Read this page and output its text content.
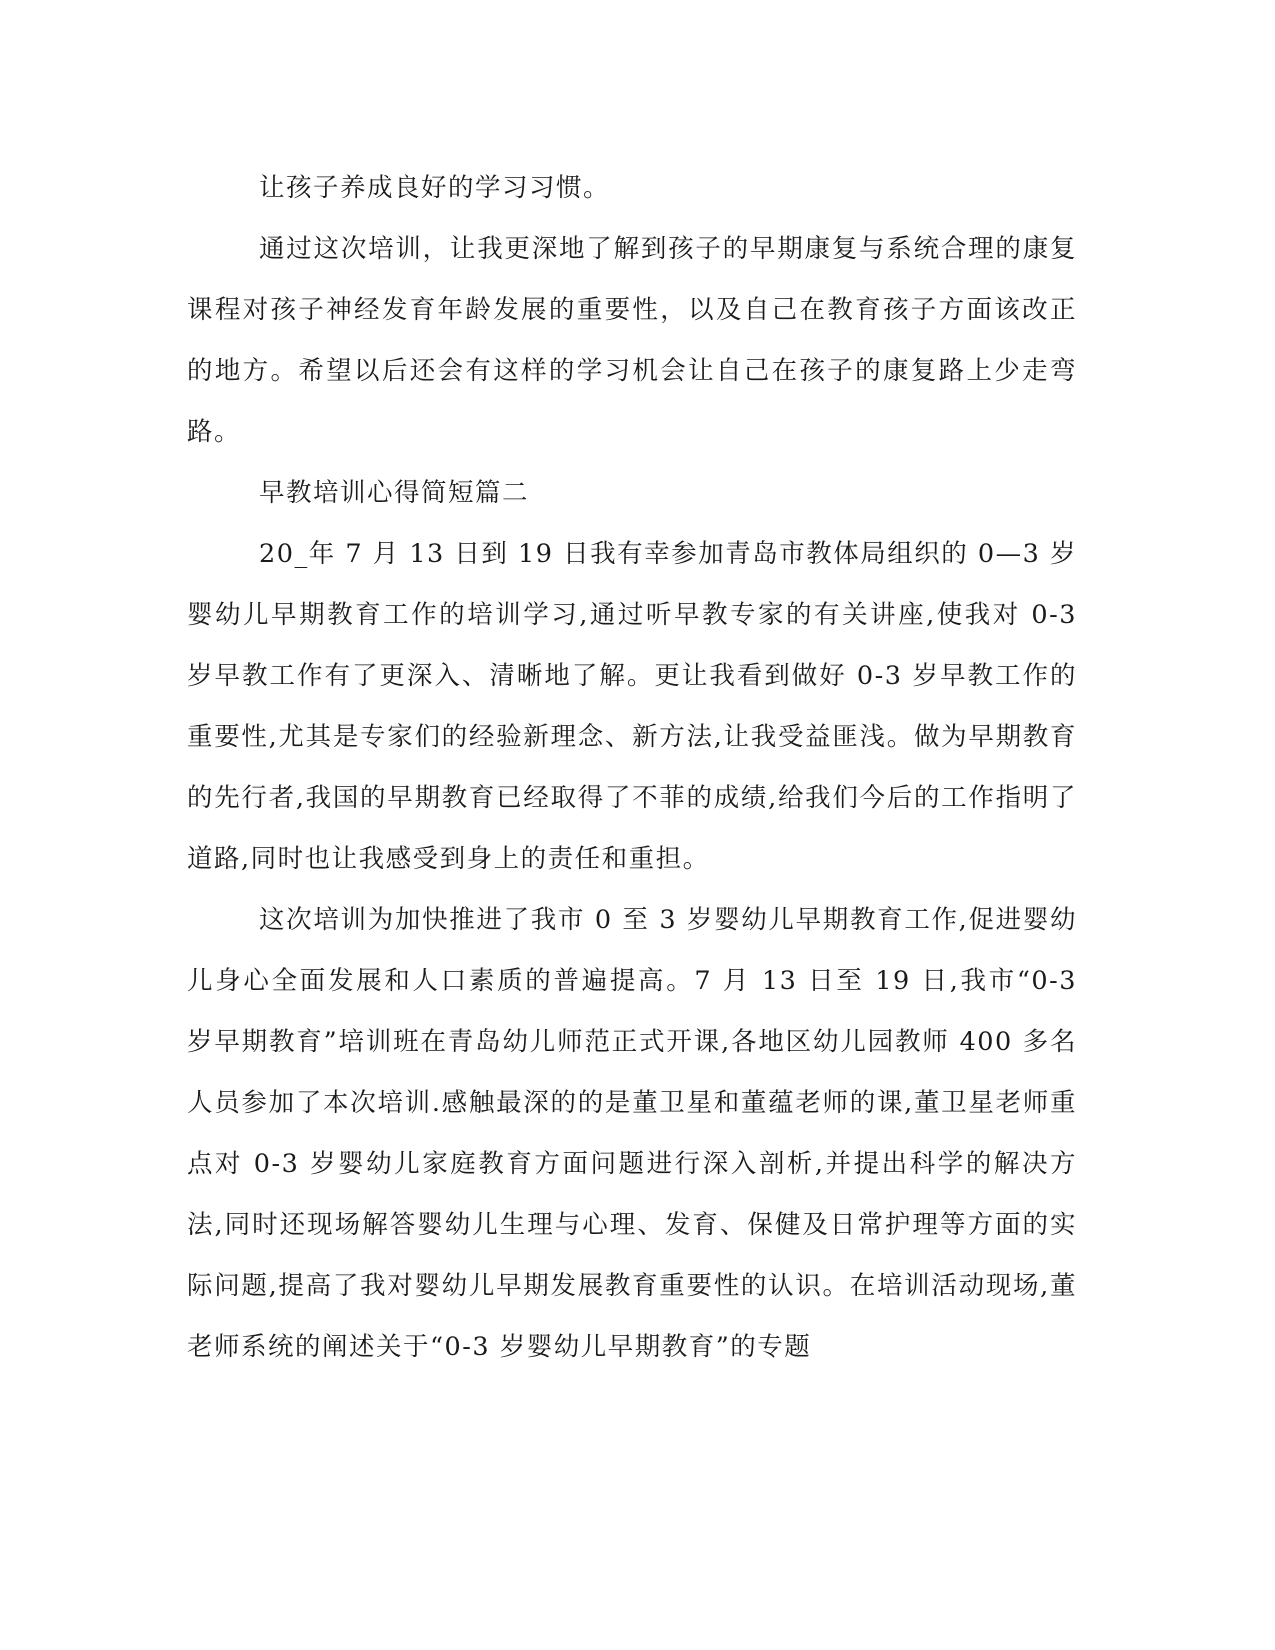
让孩子养成良好的学习习惯。

通过这次培训，让我更深地了解到孩子的早期康复与系统合理的康复课程对孩子神经发育年龄发展的重要性，以及自己在教育孩子方面该改正的地方。希望以后还会有这样的学习机会让自己在孩子的康复路上少走弯路。

早教培训心得简短篇二

20_年 7 月 13 日到 19 日我有幸参加青岛市教体局组织的 0—3 岁婴幼儿早期教育工作的培训学习,通过听早教专家的有关讲座,使我对 0-3 岁早教工作有了更深入、清晰地了解。更让我看到做好 0-3 岁早教工作的重要性,尤其是专家们的经验新理念、新方法,让我受益匪浅。做为早期教育的先行者,我国的早期教育已经取得了不菲的成绩,给我们今后的工作指明了道路,同时也让我感受到身上的责任和重担。

这次培训为加快推进了我市 0 至 3 岁婴幼儿早期教育工作,促进婴幼儿身心全面发展和人口素质的普遍提高。7 月 13 日至 19 日,我市“0-3 岁早期教育”培训班在青岛幼儿师范正式开课,各地区幼儿园教师 400 多名人员参加了本次培训.感触最深的的是董卫星和董蕴老师的课,董卫星老师重点对 0-3 岁婴幼儿家庭教育方面问题进行深入剖析,并提出科学的解决方法,同时还现场解答婴幼儿生理与心理、发育、保健及日常护理等方面的实际问题,提高了我对婴幼儿早期发展教育重要性的认识。在培训活动现场,董老师系统的阐述关于“0-3 岁婴幼儿早期教育”的专题
